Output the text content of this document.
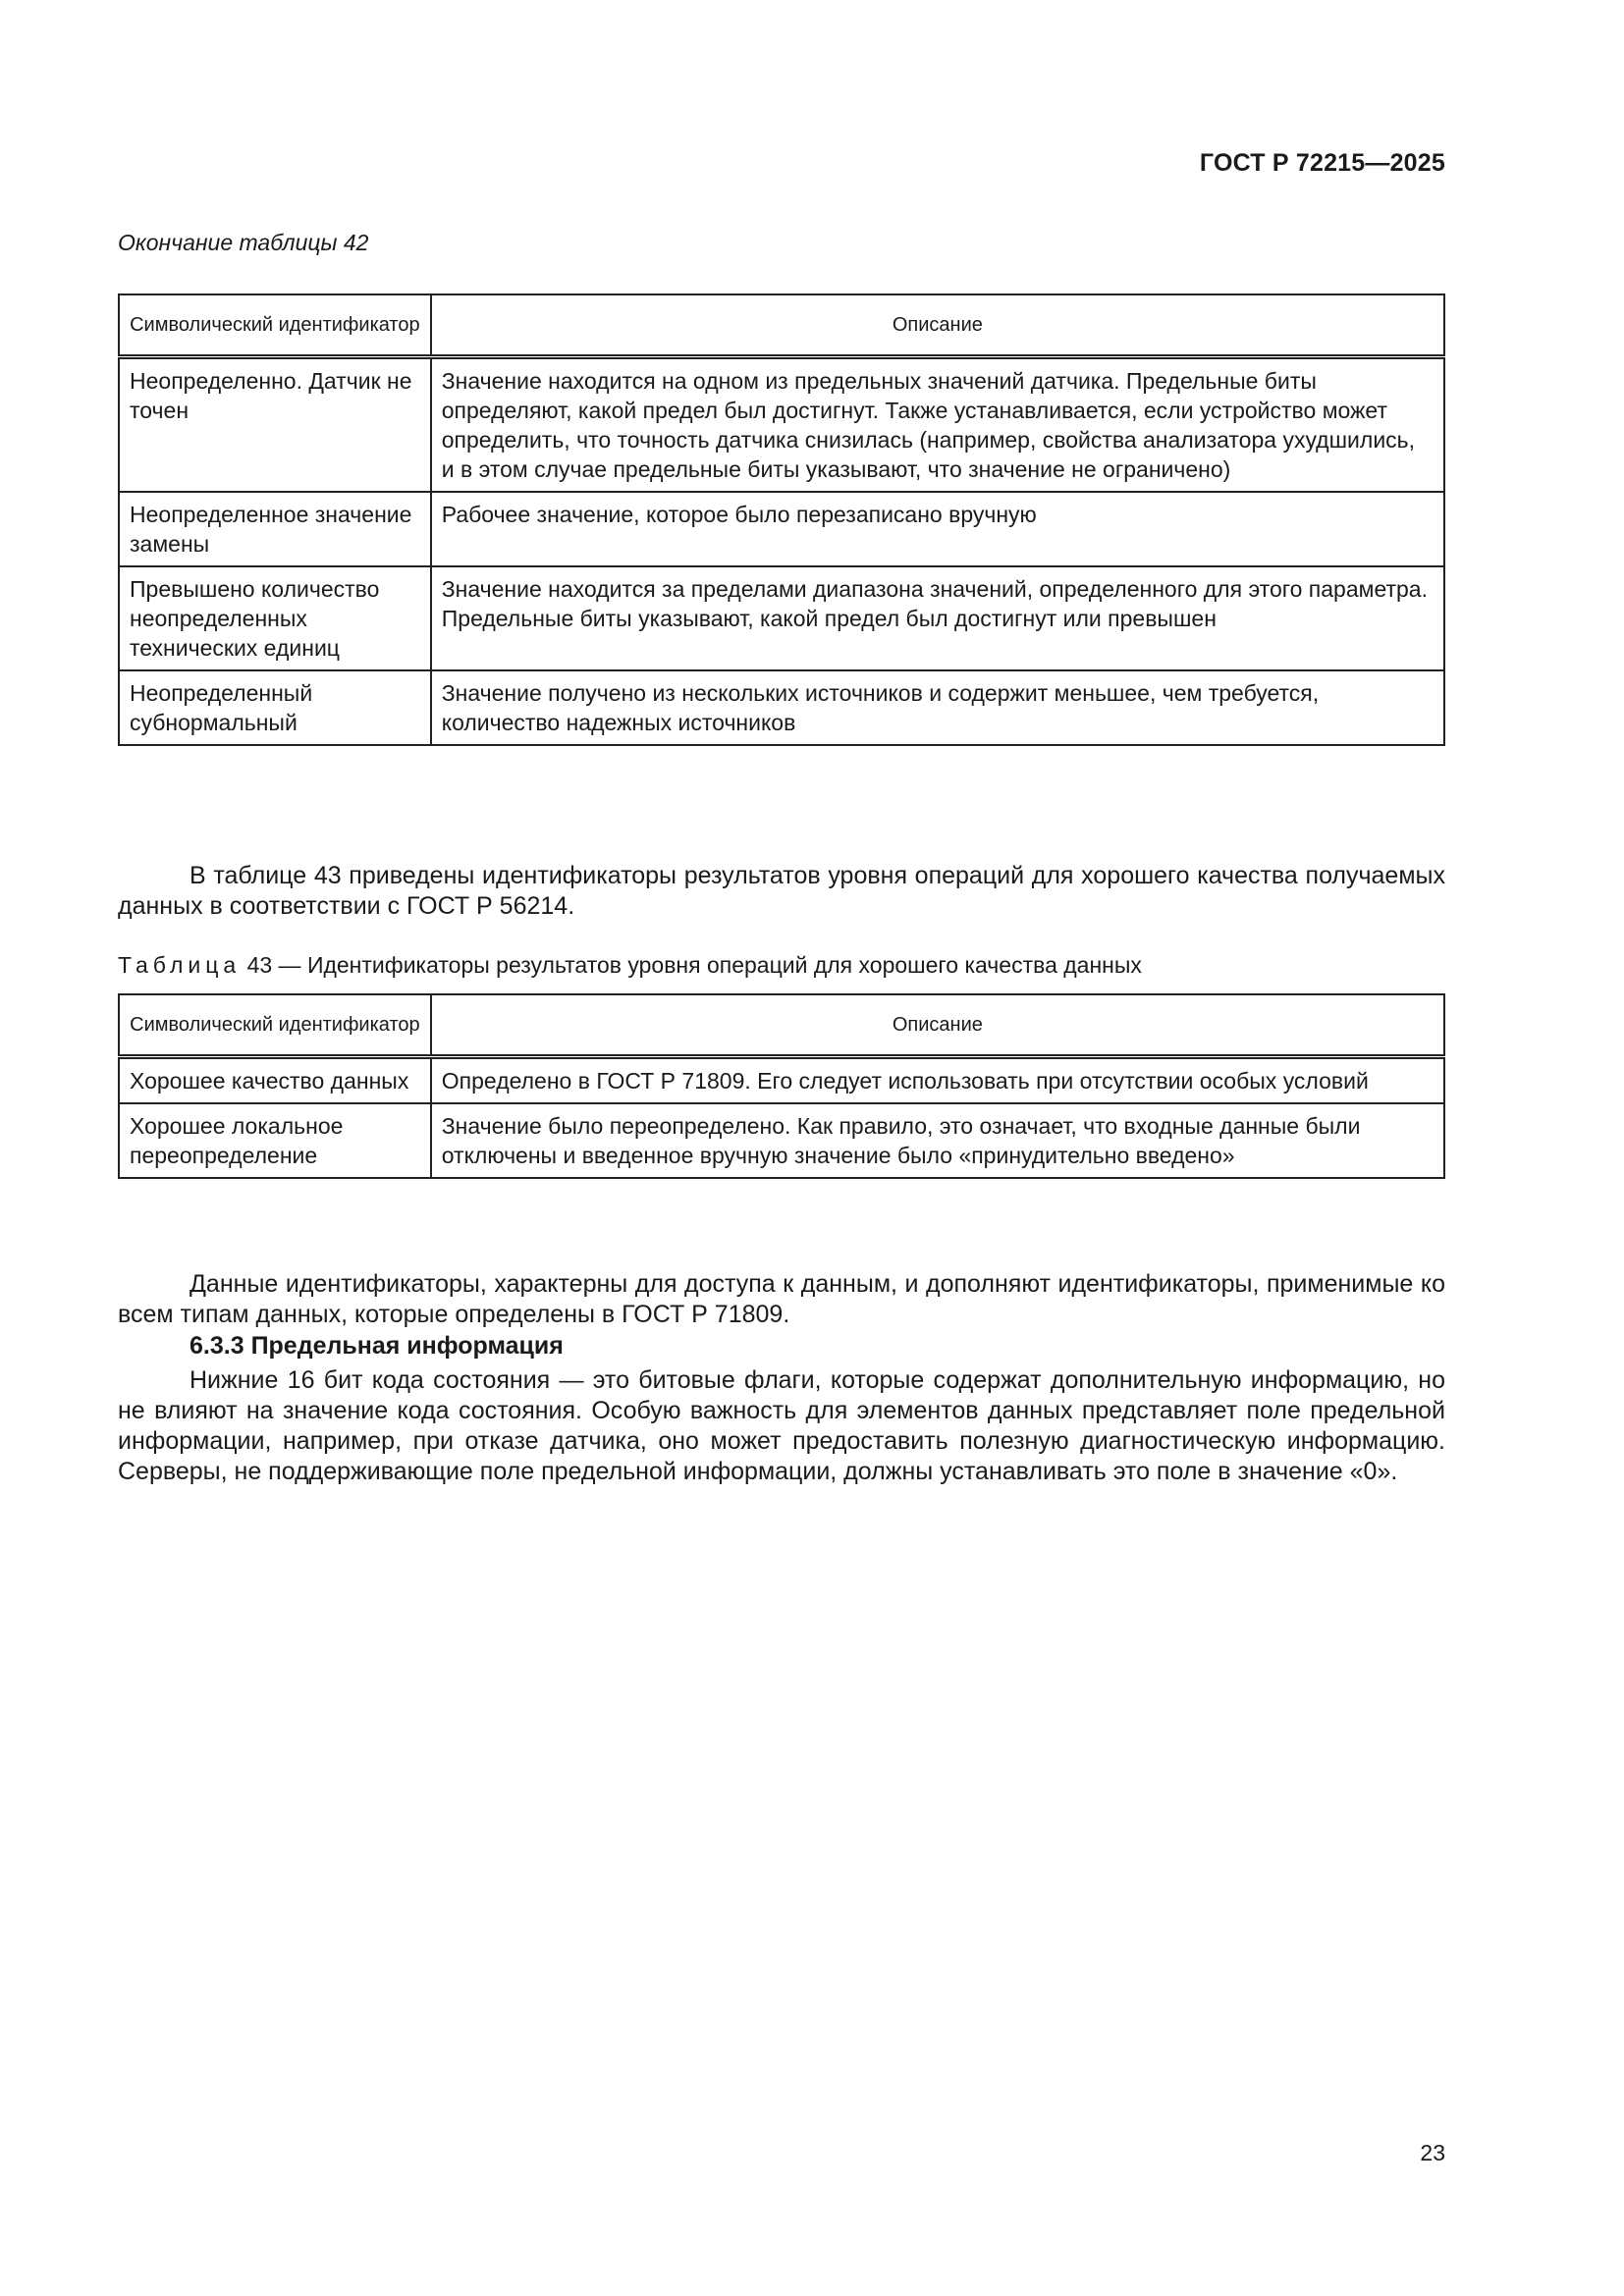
ГОСТ Р 72215—2025
Окончание таблицы 42
Символический идентификатор	Описание
Неопределенно. Датчик не точен	Значение находится на одном из предельных значений датчика. Предельные биты определяют, какой предел был достигнут. Также устанавливается, если устройство может определить, что точность датчика снизилась (например, свойства анализатора ухудшились, и в этом случае предельные биты указывают, что значение не ограничено)
Неопределенное значение замены	Рабочее значение, которое было перезаписано вручную
Превышено количество неопределенных технических единиц	Значение находится за пределами диапазона значений, определенного для этого параметра. Предельные биты указывают, какой предел был достигнут или превышен
Неопределенный субнормальный	Значение получено из нескольких источников и содержит меньшее, чем требуется, количество надежных источников
В таблице 43 приведены идентификаторы результатов уровня операций для хорошего качества получаемых данных в соответствии с ГОСТ Р 56214.
Таблица 43 — Идентификаторы результатов уровня операций для хорошего качества данных
Символический идентификатор	Описание
Хорошее качество данных	Определено в ГОСТ Р 71809. Его следует использовать при отсутствии особых условий
Хорошее локальное переопределение	Значение было переопределено. Как правило, это означает, что входные данные были отключены и введенное вручную значение было «принудительно введено»
Данные идентификаторы, характерны для доступа к данным, и дополняют идентификаторы, применимые ко всем типам данных, которые определены в ГОСТ Р 71809.
6.3.3 Предельная информация
Нижние 16 бит кода состояния — это битовые флаги, которые содержат дополнительную информацию, но не влияют на значение кода состояния. Особую важность для элементов данных представляет поле предельной информации, например, при отказе датчика, оно может предоставить полезную диагностическую информацию. Серверы, не поддерживающие поле предельной информации, должны устанавливать это поле в значение «0».
23
